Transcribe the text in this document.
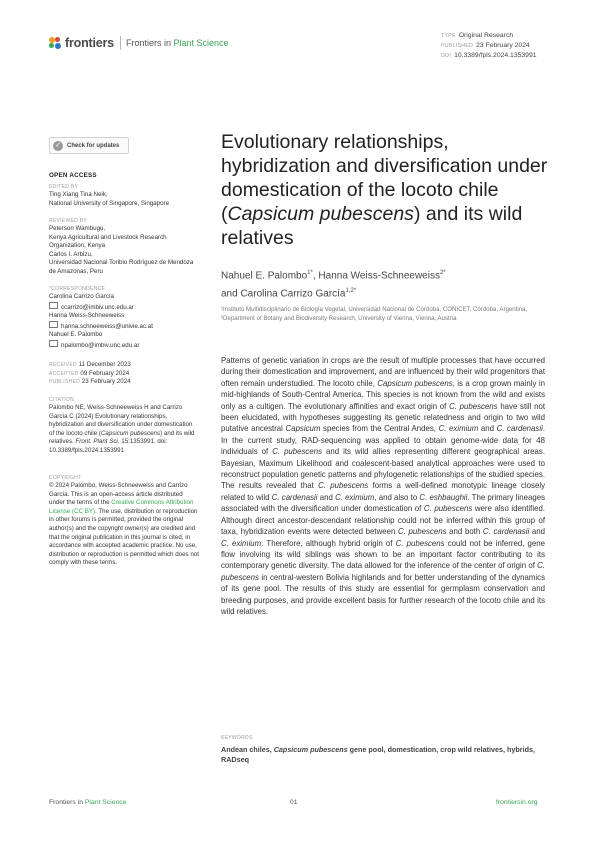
frontiers Frontiers in Plant Science
TYPE Original Research
PUBLISHED 23 February 2024
DOI 10.3389/fpls.2024.1353991
✓	Check for updates
OPEN ACCESS
EDITED BY
Ting Xiang Tina Neik,
National University of Singapore, Singapore
REVIEWED BY
Peterson Wambugu,
Kenya Agricultural and Livestock Research Organization, Kenya
Carlos I. Arbizu,
Universidad Nacional Toribio Rodríguez de Mendoza de Amazonas, Peru
*CORRESPONDENCE
Carolina Carrizo García
ccarrizo@imbiv.unc.edu.ar
Hanna Weiss-Schneeweiss
hanna.schneeweiss@univie.ac.at
Nahuel E. Palombo
npalombo@imbiv.unc.edu.ar
RECEIVED 11 December 2023
ACCEPTED 09 February 2024
PUBLISHED 23 February 2024
CITATION
Palombo NE, Weiss-Schneeweiss H and Carrizo García C (2024) Evolutionary relationships, hybridization and diversification under domestication of the locoto chile (Capsicum pubescens) and its wild relatives. Front. Plant Sci. 15:1353991. doi: 10.3389/fpls.2024.1353991
COPYRIGHT
© 2024 Palombo, Weiss-Schneeweiss and Carrizo García. This is an open-access article distributed under the terms of the Creative Commons Attribution License (CC BY). The use, distribution or reproduction in other forums is permitted, provided the original author(s) and the copyright owner(s) are credited and that the original publication in this journal is cited, in accordance with accepted academic practice. No use, distribution or reproduction is permitted which does not comply with these terms.
Evolutionary relationships, hybridization and diversification under domestication of the locoto chile (Capsicum pubescens) and its wild relatives
Nahuel E. Palombo$^{1*}$, Hanna Weiss-Schneeweiss$^{2*}$
and Carolina Carrizo García$^{1,2*}$
¹Instituto Multidisciplinario de Biología Vegetal, Universidad Nacional de Córdoba, CONICET, Córdoba, Argentina, ²Department of Botany and Biodiversity Research, University of Vienna, Vienna, Austria
Patterns of genetic variation in crops are the result of multiple processes that have occurred during their domestication and improvement, and are influenced by their wild progenitors that often remain understudied. The locoto chile, Capsicum pubescens, is a crop grown mainly in mid-highlands of South-Central America. This species is not known from the wild and exists only as a cultigen. The evolutionary affinities and exact origin of C. pubescens have still not been elucidated, with hypotheses suggesting its genetic relatedness and origin to two wild putative ancestral Capsicum species from the Central Andes, C. eximium and C. cardenasii. In the current study, RAD-sequencing was applied to obtain genome-wide data for 48 individuals of C. pubescens and its wild allies representing different geographical areas. Bayesian, Maximum Likelihood and coalescent-based analytical approaches were used to reconstruct population genetic patterns and phylogenetic relationships of the studied species. The results revealed that C. pubescens forms a well-defined monotypic lineage closely related to wild C. cardenasii and C. eximium, and also to C. eshbaughii. The primary lineages associated with the diversification under domestication of C. pubescens were also identified. Although direct ancestor-descendant relationship could not be inferred within this group of taxa, hybridization events were detected between C. pubescens and both C. cardenasii and C. eximium. Therefore, although hybrid origin of C. pubescens could not be inferred, gene flow involving its wild siblings was shown to be an important factor contributing to its contemporary genetic diversity. The data allowed for the inference of the center of origin of C. pubescens in central-western Bolivia highlands and for better understanding of the dynamics of its gene pool. The results of this study are essential for germplasm conservation and breeding purposes, and provide excellent basis for further research of the locoto chile and its wild relatives.
KEYWORDS
Andean chiles, Capsicum pubescens gene pool, domestication, crop wild relatives, hybrids, RADseq
Frontiers in Plant Science	01	frontiersin.org
